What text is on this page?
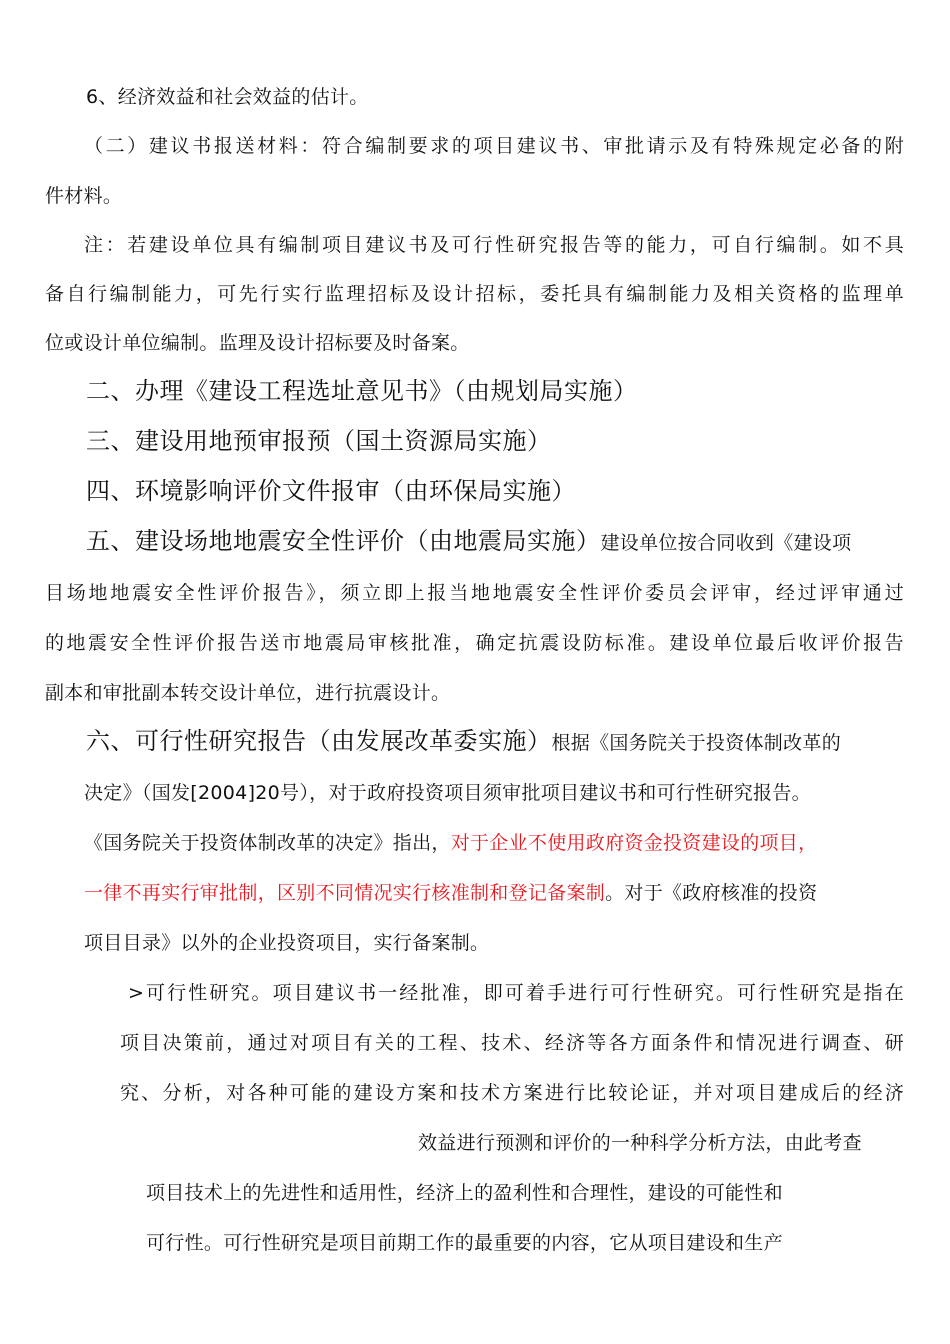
6、经济效益和社会效益的估计。
（二）建议书报送材料：符合编制要求的项目建议书、审批请示及有特殊规定必备的附
件材料。
注：若建设单位具有编制项目建议书及可行性研究报告等的能力，可自行编制。如不具
备自行编制能力，可先行实行监理招标及设计招标，委托具有编制能力及相关资格的监理单
位或设计单位编制。监理及设计招标要及时备案。
二、办理《建设工程选址意见书》（由规划局实施）
三、建设用地预审报预（国土资源局实施）
四、环境影响评价文件报审（由环保局实施）
五、建设场地地震安全性评价（由地震局实施）建设单位按合同收到《建设项
目场地地震安全性评价报告》，须立即上报当地地震安全性评价委员会评审，经过评审通过
的地震安全性评价报告送市地震局审核批准，确定抗震设防标准。建设单位最后收评价报告
副本和审批副本转交设计单位，进行抗震设计。
六、可行性研究报告（由发展改革委实施）根据《国务院关于投资体制改革的
决定》（国发[2004]20号），对于政府投资项目须审批项目建议书和可行性研究报告。
《国务院关于投资体制改革的决定》指出，对于企业不使用政府资金投资建设的项目，
一律不再实行审批制，区别不同情况实行核准制和登记备案制。对于《政府核准的投资
项目目录》以外的企业投资项目，实行备案制。
>可行性研究。项目建议书一经批准，即可着手进行可行性研究。可行性研究是指在
项目决策前，通过对项目有关的工程、技术、经济等各方面条件和情况进行调查、研
究、分析，对各种可能的建设方案和技术方案进行比较论证，并对项目建成后的经济
效益进行预测和评价的一种科学分析方法，由此考查
项目技术上的先进性和适用性，经济上的盈利性和合理性，建设的可能性和
可行性。可行性研究是项目前期工作的最重要的内容，它从项目建设和生产
